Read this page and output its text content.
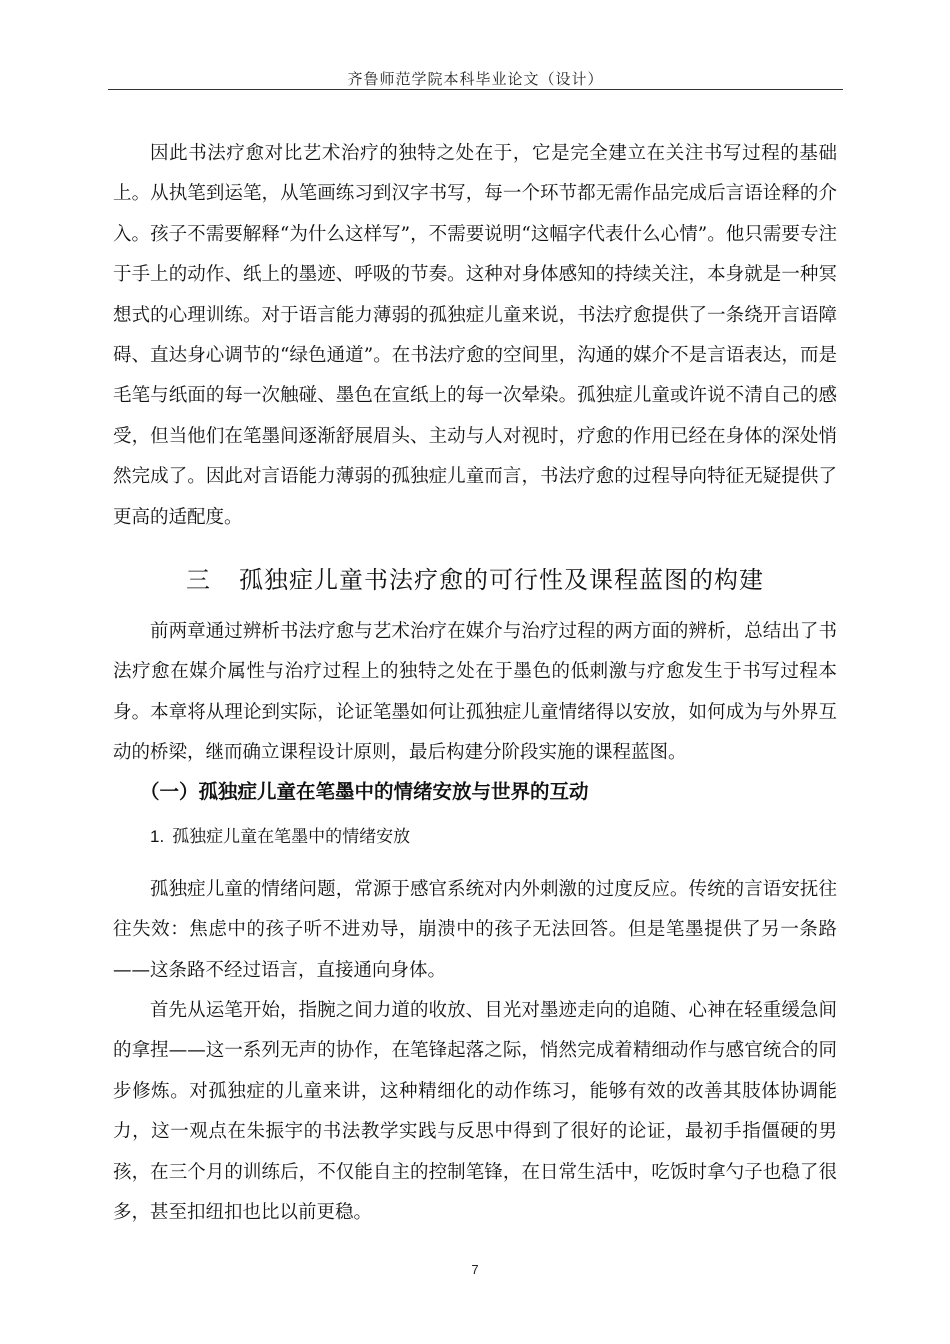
齐鲁师范学院本科毕业论文（设计）

因此书法疗愈对比艺术治疗的独特之处在于，它是完全建立在关注书写过程的基础上。从执笔到运笔，从笔画练习到汉字书写，每一个环节都无需作品完成后言语诠释的介入。孩子不需要解释“为什么这样写”，不需要说明“这幅字代表什么心情”。他只需要专注于手上的动作、纸上的墨迹、呼吸的节奏。这种对身体感知的持续关注，本身就是一种冥想式的心理训练。对于语言能力薄弱的孤独症儿童来说，书法疗愈提供了一条绕开言语障碍、直达身心调节的“绿色通道”。在书法疗愈的空间里，沟通的媒介不是言语表达，而是毛笔与纸面的每一次触碰、墨色在宣纸上的每一次晕染。孤独症儿童或许说不清自己的感受，但当他们在笔墨间逐渐舒展眉头、主动与人对视时，疗愈的作用已经在身体的深处悄然完成了。因此对言语能力薄弱的孤独症儿童而言，书法疗愈的过程导向特征无疑提供了更高的适配度。

三 孤独症儿童书法疗愈的可行性及课程蓝图的构建

前两章通过辨析书法疗愈与艺术治疗在媒介与治疗过程的两方面的辨析，总结出了书法疗愈在媒介属性与治疗过程上的独特之处在于墨色的低刺激与疗愈发生于书写过程本身。本章将从理论到实际，论证笔墨如何让孤独症儿童情绪得以安放，如何成为与外界互动的桥梁，继而确立课程设计原则，最后构建分阶段实施的课程蓝图。

（一）孤独症儿童在笔墨中的情绪安放与世界的互动
1. 孤独症儿童在笔墨中的情绪安放

孤独症儿童的情绪问题，常源于感官系统对内外刺激的过度反应。传统的言语安抚往往失效：焦虑中的孩子听不进劝导，崩溃中的孩子无法回答。但是笔墨提供了另一条路——这条路不经过语言，直接通向身体。

首先从运笔开始，指腕之间力道的收放、目光对墨迹走向的追随、心神在轻重缓急间的拿捏——这一系列无声的协作，在笔锋起落之际，悄然完成着精细动作与感官统合的同步修炼。对孤独症的儿童来讲，这种精细化的动作练习，能够有效的改善其肢体协调能力，这一观点在朱振宇的书法教学实践与反思中得到了很好的论证，最初手指僵硬的男孩，在三个月的训练后，不仅能自主的控制笔锋，在日常生活中，吃饭时拿勺子也稳了很多，甚至扣纽扣也比以前更稳。

7
